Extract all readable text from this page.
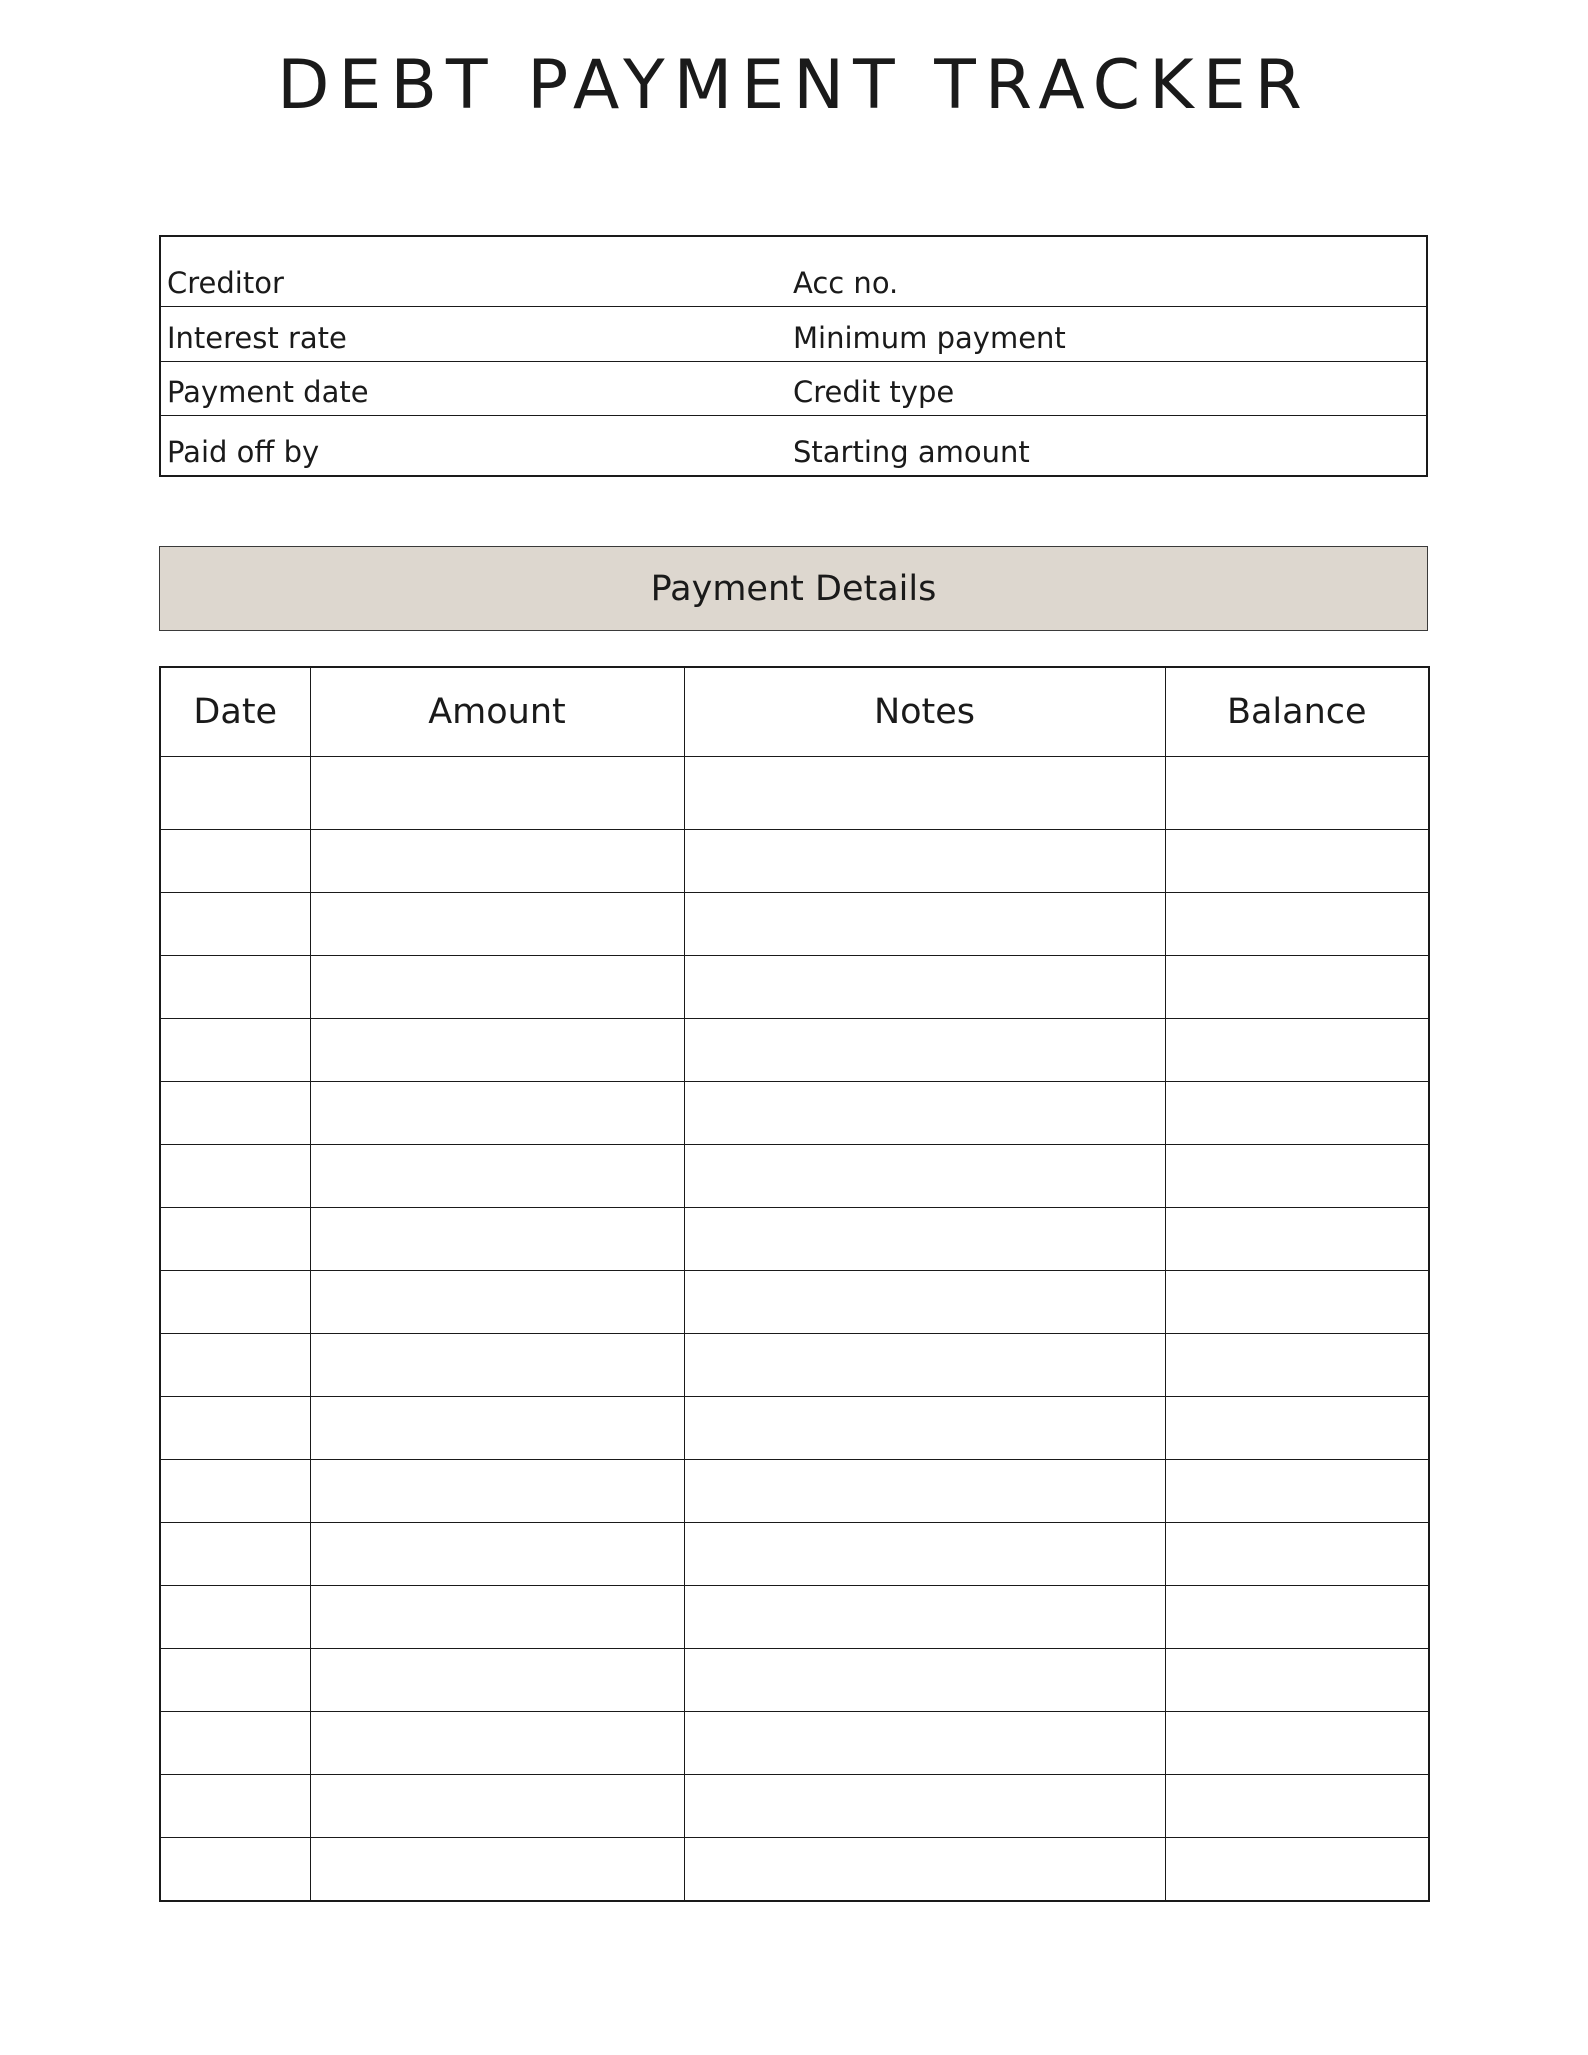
DEBT PAYMENT TRACKER
Creditor	Acc no.
Interest rate	Minimum payment
Payment date	Credit type
Paid off by	Starting amount
Payment Details
Date	Amount	Notes	Balance
